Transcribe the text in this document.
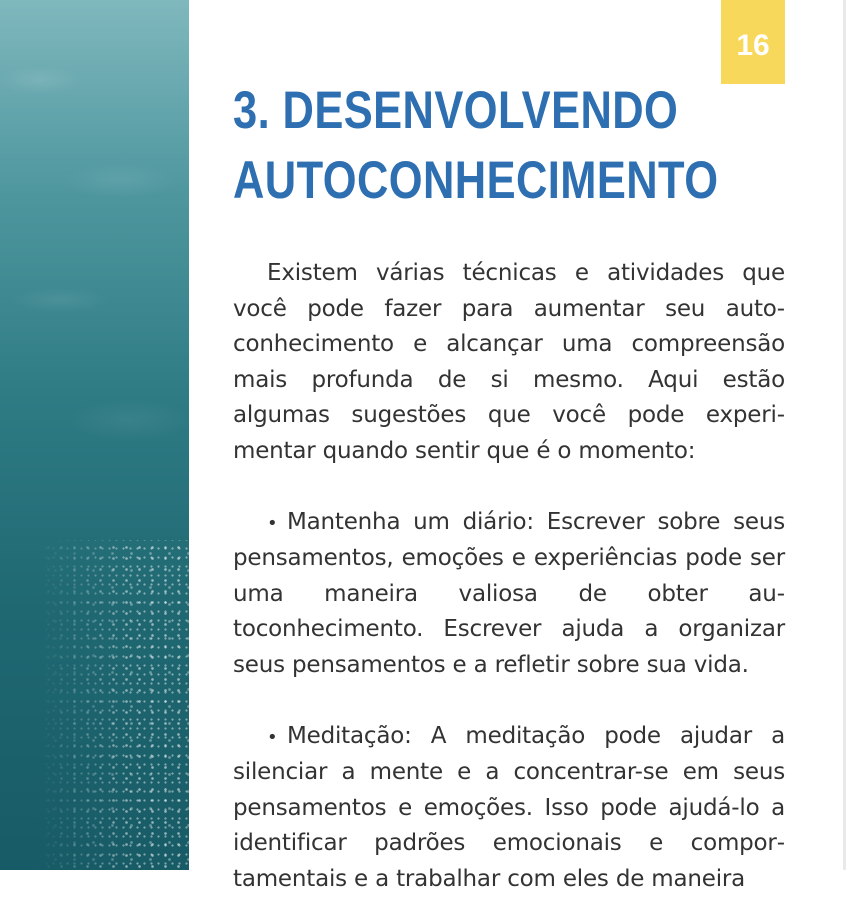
16
3. DESENVOLVENDO
AUTOCONHECIMENTO

Existem várias técnicas e atividades que você pode fazer para aumentar seu autoconhecimento e alcançar uma compreensão mais profunda de si mesmo. Aqui estão algumas sugestões que você pode experimentar quando sentir que é o momento:

• Mantenha um diário: Escrever sobre seus pensamentos, emoções e experiências pode ser uma maneira valiosa de obter autoconhecimento. Escrever ajuda a organizar seus pensamentos e a refletir sobre sua vida.

• Meditação: A meditação pode ajudar a silenciar a mente e a concentrar-se em seus pensamentos e emoções. Isso pode ajudá-lo a identificar padrões emocionais e comportamentais e a trabalhar com eles de maneira
